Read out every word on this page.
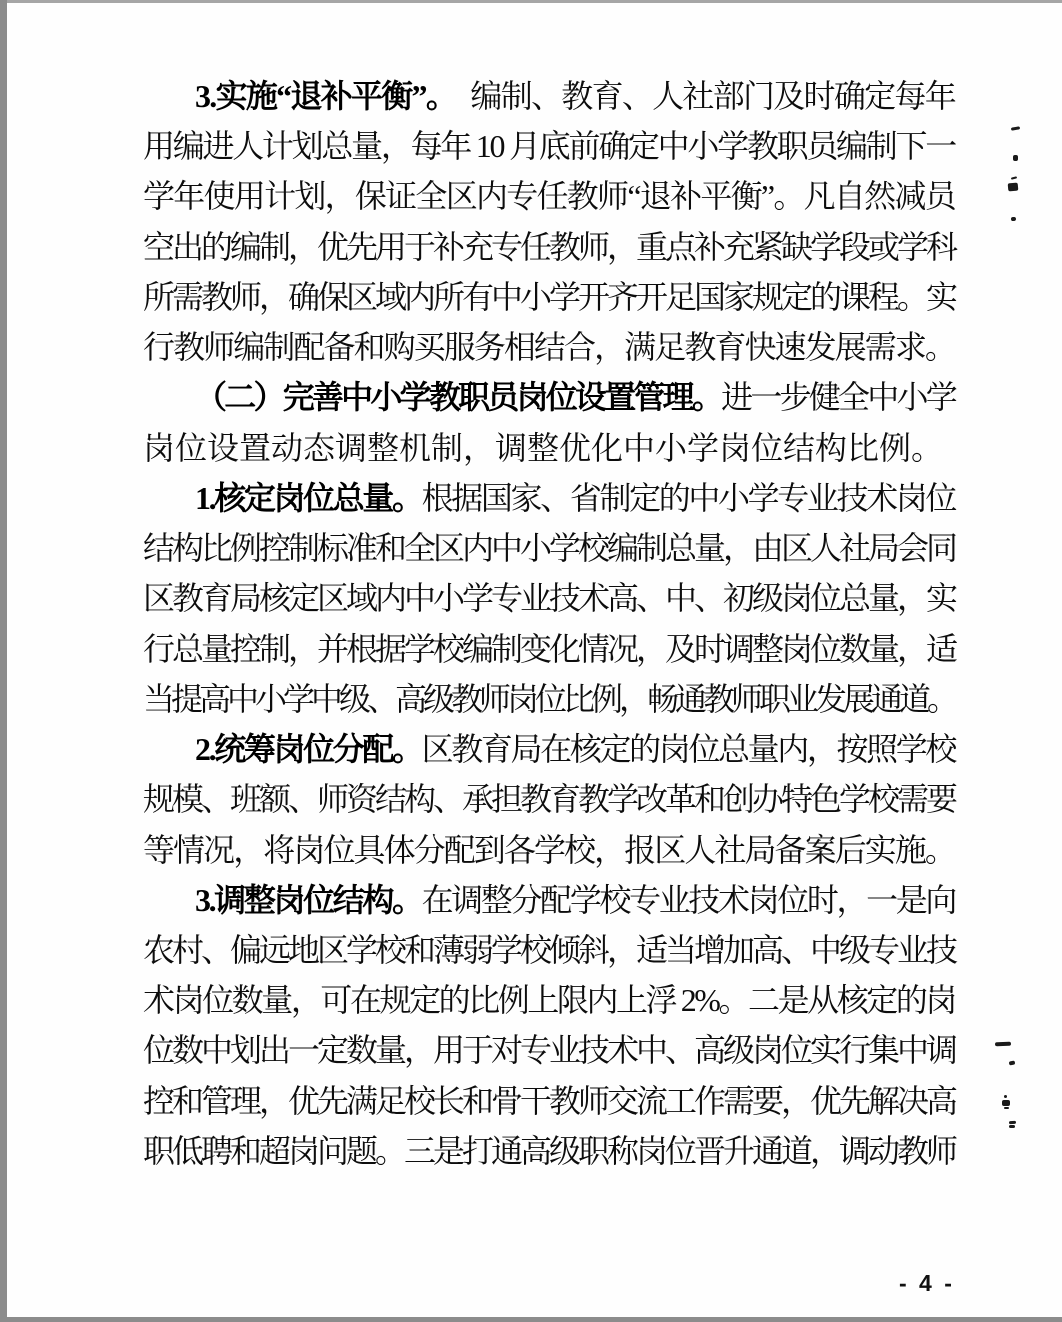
3.实施“退补平衡”。　编制、教育、人社部门及时确定每年
用编进人计划总量，每年 10 月底前确定中小学教职员编制下一
学年使用计划，保证全区内专任教师“退补平衡”。凡自然减员
空出的编制，优先用于补充专任教师，重点补充紧缺学段或学科
所需教师，确保区域内所有中小学开齐开足国家规定的课程。实
行教师编制配备和购买服务相结合，满足教育快速发展需求。
（二）完善中小学教职员岗位设置管理。进一步健全中小学
岗位设置动态调整机制，调整优化中小学岗位结构比例。
1.核定岗位总量。根据国家、省制定的中小学专业技术岗位
结构比例控制标准和全区内中小学校编制总量，由区人社局会同
区教育局核定区域内中小学专业技术高、中、初级岗位总量，实
行总量控制，并根据学校编制变化情况，及时调整岗位数量，适
当提高中小学中级、高级教师岗位比例，畅通教师职业发展通道。
2.统筹岗位分配。区教育局在核定的岗位总量内，按照学校
规模、班额、师资结构、承担教育教学改革和创办特色学校需要
等情况，将岗位具体分配到各学校，报区人社局备案后实施。
3.调整岗位结构。在调整分配学校专业技术岗位时，一是向
农村、偏远地区学校和薄弱学校倾斜，适当增加高、中级专业技
术岗位数量，可在规定的比例上限内上浮 2%。二是从核定的岗
位数中划出一定数量，用于对专业技术中、高级岗位实行集中调
控和管理，优先满足校长和骨干教师交流工作需要，优先解决高
职低聘和超岗问题。三是打通高级职称岗位晋升通道，调动教师
- 4 -
